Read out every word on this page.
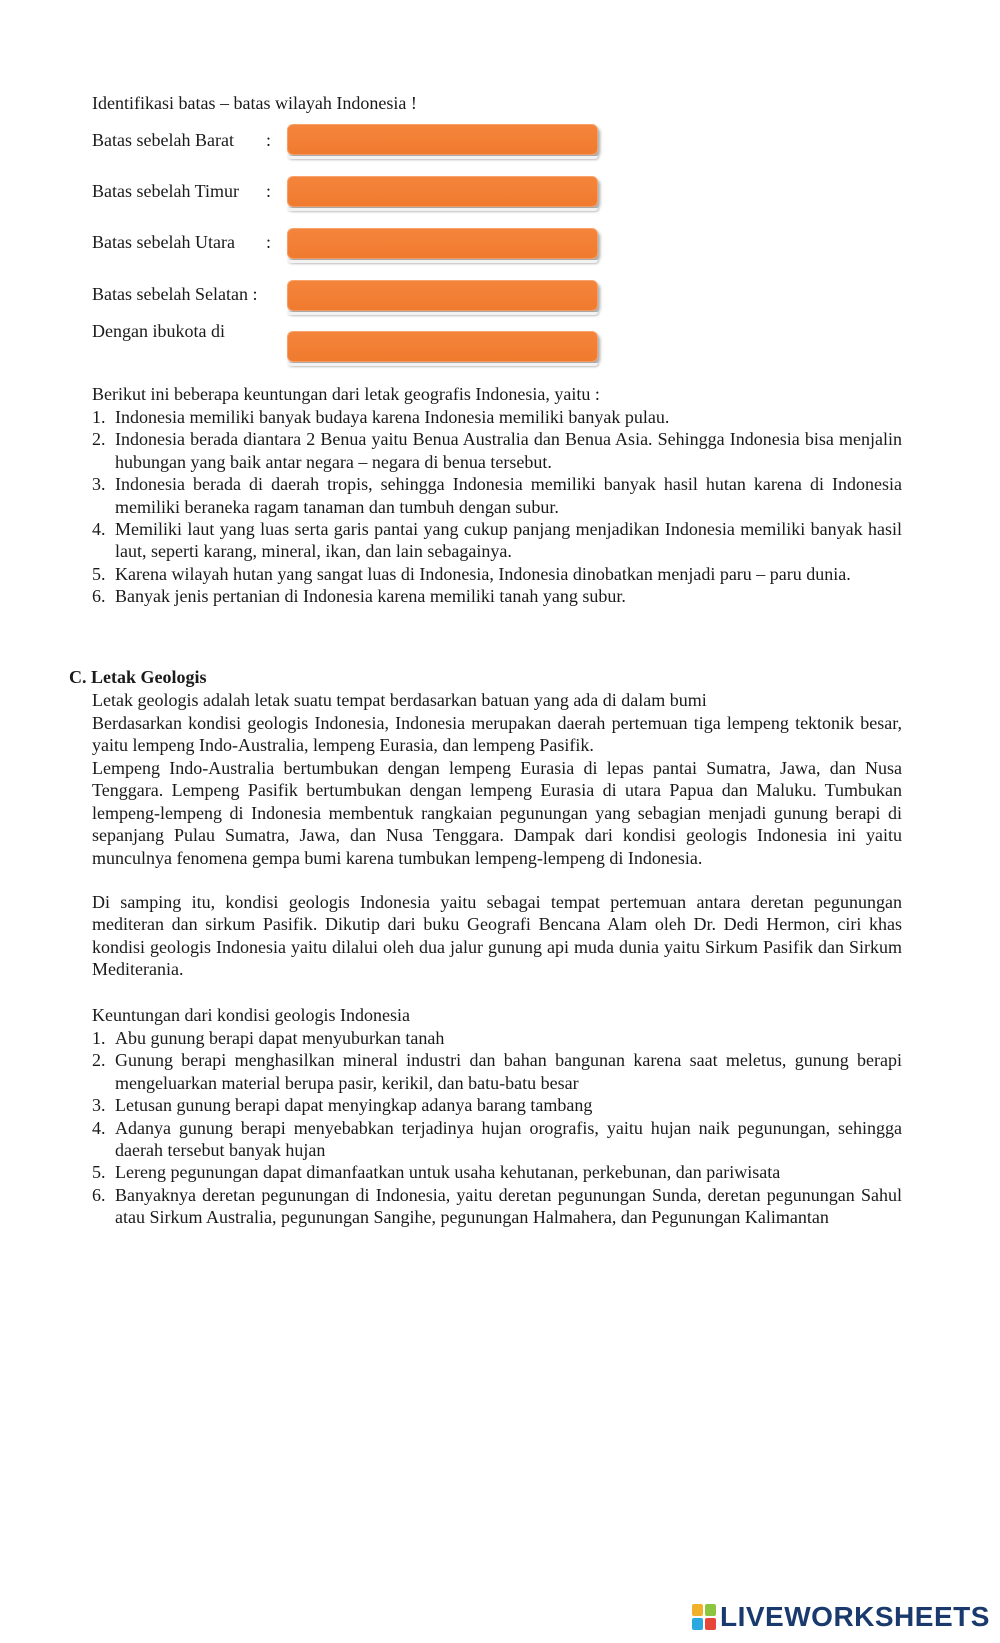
Identifikasi batas – batas wilayah Indonesia !
Batas sebelah Barat :
Batas sebelah Timur :
Batas sebelah Utara :
Batas sebelah Selatan :
Dengan ibukota di
Berikut ini beberapa keuntungan dari letak geografis Indonesia, yaitu :
1. Indonesia memiliki banyak budaya karena Indonesia memiliki banyak pulau.
2. Indonesia berada diantara 2 Benua yaitu Benua Australia dan Benua Asia. Sehingga Indonesia bisa menjalin hubungan yang baik antar negara – negara di benua tersebut.
3. Indonesia berada di daerah tropis, sehingga Indonesia memiliki banyak hasil hutan karena di Indonesia memiliki beraneka ragam tanaman dan tumbuh dengan subur.
4. Memiliki laut yang luas serta garis pantai yang cukup panjang menjadikan Indonesia memiliki banyak hasil laut, seperti karang, mineral, ikan, dan lain sebagainya.
5. Karena wilayah hutan yang sangat luas di Indonesia, Indonesia dinobatkan menjadi paru – paru dunia.
6. Banyak jenis pertanian di Indonesia karena memiliki tanah yang subur.
C. Letak Geologis
Letak geologis adalah letak suatu tempat berdasarkan batuan yang ada di dalam bumi
Berdasarkan kondisi geologis Indonesia, Indonesia merupakan daerah pertemuan tiga lempeng tektonik besar, yaitu lempeng Indo-Australia, lempeng Eurasia, dan lempeng Pasifik.
Lempeng Indo-Australia bertumbukan dengan lempeng Eurasia di lepas pantai Sumatra, Jawa, dan Nusa Tenggara. Lempeng Pasifik bertumbukan dengan lempeng Eurasia di utara Papua dan Maluku. Tumbukan lempeng-lempeng di Indonesia membentuk rangkaian pegunungan yang sebagian menjadi gunung berapi di sepanjang Pulau Sumatra, Jawa, dan Nusa Tenggara. Dampak dari kondisi geologis Indonesia ini yaitu munculnya fenomena gempa bumi karena tumbukan lempeng-lempeng di Indonesia.
Di samping itu, kondisi geologis Indonesia yaitu sebagai tempat pertemuan antara deretan pegunungan mediteran dan sirkum Pasifik. Dikutip dari buku Geografi Bencana Alam oleh Dr. Dedi Hermon, ciri khas kondisi geologis Indonesia yaitu dilalui oleh dua jalur gunung api muda dunia yaitu Sirkum Pasifik dan Sirkum Mediterania.
Keuntungan dari kondisi geologis Indonesia
1. Abu gunung berapi dapat menyuburkan tanah
2. Gunung berapi menghasilkan mineral industri dan bahan bangunan karena saat meletus, gunung berapi mengeluarkan material berupa pasir, kerikil, dan batu-batu besar
3. Letusan gunung berapi dapat menyingkap adanya barang tambang
4. Adanya gunung berapi menyebabkan terjadinya hujan orografis, yaitu hujan naik pegunungan, sehingga daerah tersebut banyak hujan
5. Lereng pegunungan dapat dimanfaatkan untuk usaha kehutanan, perkebunan, dan pariwisata
6. Banyaknya deretan pegunungan di Indonesia, yaitu deretan pegunungan Sunda, deretan pegunungan Sahul atau Sirkum Australia, pegunungan Sangihe, pegunungan Halmahera, dan Pegunungan Kalimantan
LIVEWORKSHEETS
